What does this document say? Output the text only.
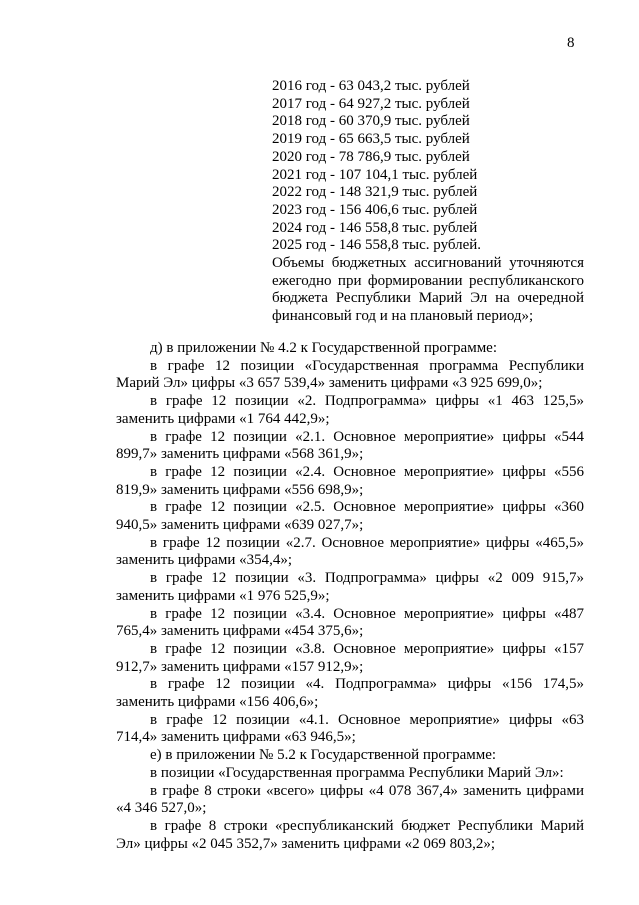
8
2016 год - 63 043,2 тыс. рублей
2017 год - 64 927,2 тыс. рублей
2018 год - 60 370,9 тыс. рублей
2019 год - 65 663,5 тыс. рублей
2020 год - 78 786,9 тыс. рублей
2021 год - 107 104,1 тыс. рублей
2022 год - 148 321,9 тыс. рублей
2023 год - 156 406,6 тыс. рублей
2024 год - 146 558,8 тыс. рублей
2025 год - 146 558,8 тыс. рублей.
Объемы бюджетных ассигнований уточняются ежегодно при формировании республиканского бюджета Республики Марий Эл на очередной финансовый год и на плановый период»;

д) в приложении № 4.2 к Государственной программе:

в графе 12 позиции «Государственная программа Республики Марий Эл» цифры «3 657 539,4» заменить цифрами «3 925 699,0»;

в графе 12 позиции «2. Подпрограмма» цифры «1 463 125,5» заменить цифрами «1 764 442,9»;

в графе 12 позиции «2.1. Основное мероприятие» цифры «544 899,7» заменить цифрами «568 361,9»;

в графе 12 позиции «2.4. Основное мероприятие» цифры «556 819,9» заменить цифрами «556 698,9»;

в графе 12 позиции «2.5. Основное мероприятие» цифры «360 940,5» заменить цифрами «639 027,7»;

в графе 12 позиции «2.7. Основное мероприятие» цифры «465,5» заменить цифрами «354,4»;

в графе 12 позиции «3. Подпрограмма» цифры «2 009 915,7» заменить цифрами «1 976 525,9»;

в графе 12 позиции «3.4. Основное мероприятие» цифры «487 765,4» заменить цифрами «454 375,6»;

в графе 12 позиции «3.8. Основное мероприятие» цифры «157 912,7» заменить цифрами «157 912,9»;

в графе 12 позиции «4. Подпрограмма» цифры «156 174,5» заменить цифрами «156 406,6»;

в графе 12 позиции «4.1. Основное мероприятие» цифры «63 714,4» заменить цифрами «63 946,5»;

е) в приложении № 5.2 к Государственной программе:

в позиции «Государственная программа Республики Марий Эл»:

в графе 8 строки «всего» цифры «4 078 367,4» заменить цифрами «4 346 527,0»;

в графе 8 строки «республиканский бюджет Республики Марий Эл» цифры «2 045 352,7» заменить цифрами «2 069 803,2»;
